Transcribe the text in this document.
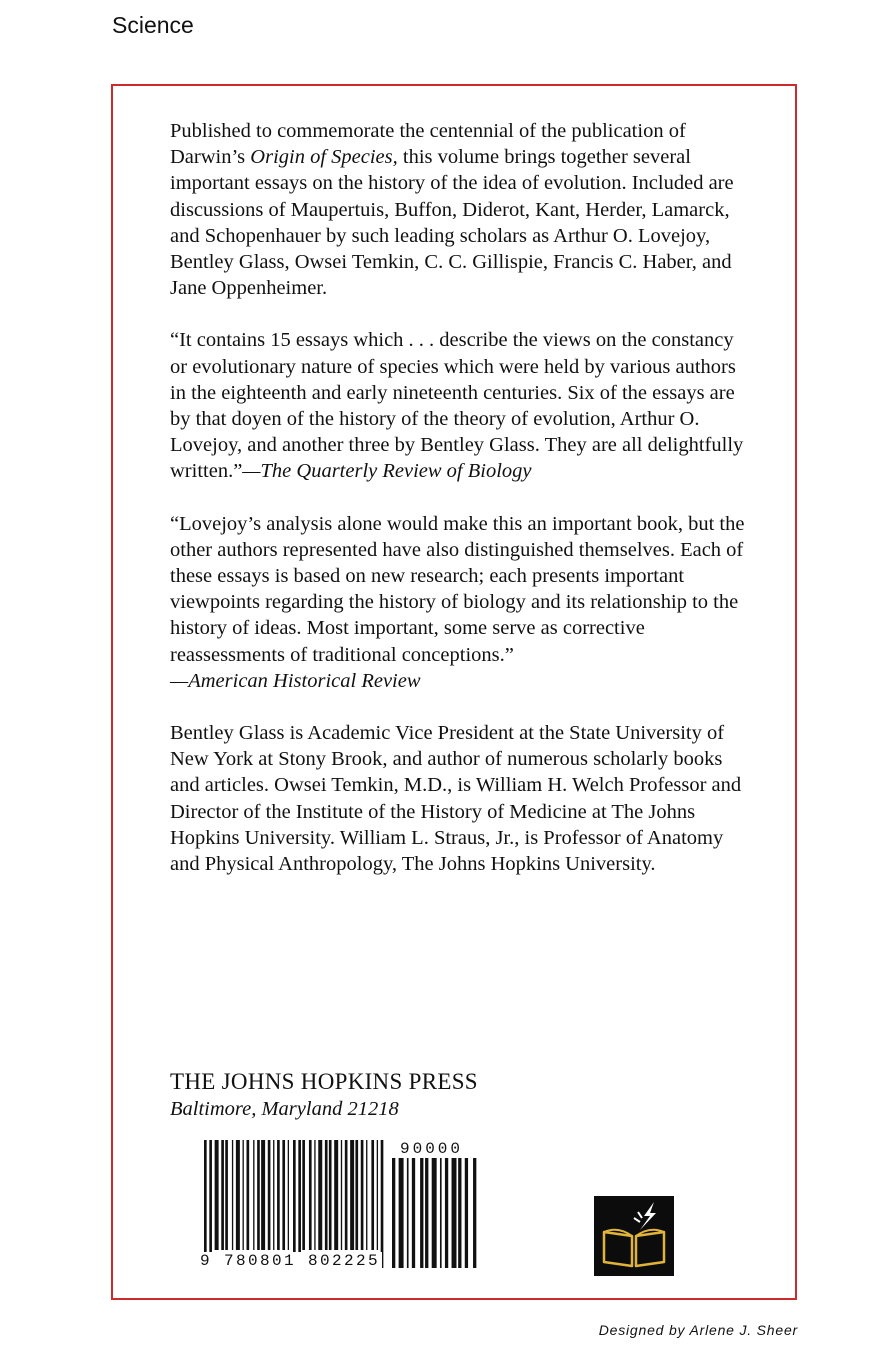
Science

Published to commemorate the centennial of the publication of Darwin’s Origin of Species, this volume brings together several important essays on the history of the idea of evolution. Included are discussions of Maupertuis, Buffon, Diderot, Kant, Herder, Lamarck, and Schopenhauer by such leading scholars as Arthur O. Lovejoy, Bentley Glass, Owsei Temkin, C. C. Gillispie, Francis C. Haber, and Jane Oppenheimer.

“It contains 15 essays which . . . describe the views on the constancy or evolutionary nature of species which were held by various authors in the eighteenth and early nineteenth centuries. Six of the essays are by that doyen of the history of the theory of evolution, Arthur O. Lovejoy, and another three by Bentley Glass. They are all delightfully written.”—The Quarterly Review of Biology

“Lovejoy’s analysis alone would make this an important book, but the other authors represented have also distinguished themselves. Each of these essays is based on new research; each presents important viewpoints regarding the history of biology and its relationship to the history of ideas. Most important, some serve as corrective reassessments of traditional conceptions.”
—American Historical Review

Bentley Glass is Academic Vice President at the State University of New York at Stony Brook, and author of numerous scholarly books and articles. Owsei Temkin, M.D., is William H. Welch Professor and Director of the Institute of the History of Medicine at The Johns Hopkins University. William L. Straus, Jr., is Professor of Anatomy and Physical Anthropology, The Johns Hopkins University.

THE JOHNS HOPKINS PRESS
Baltimore, Maryland 21218
9 780801 802225
90000
Designed by Arlene J. Sheer
